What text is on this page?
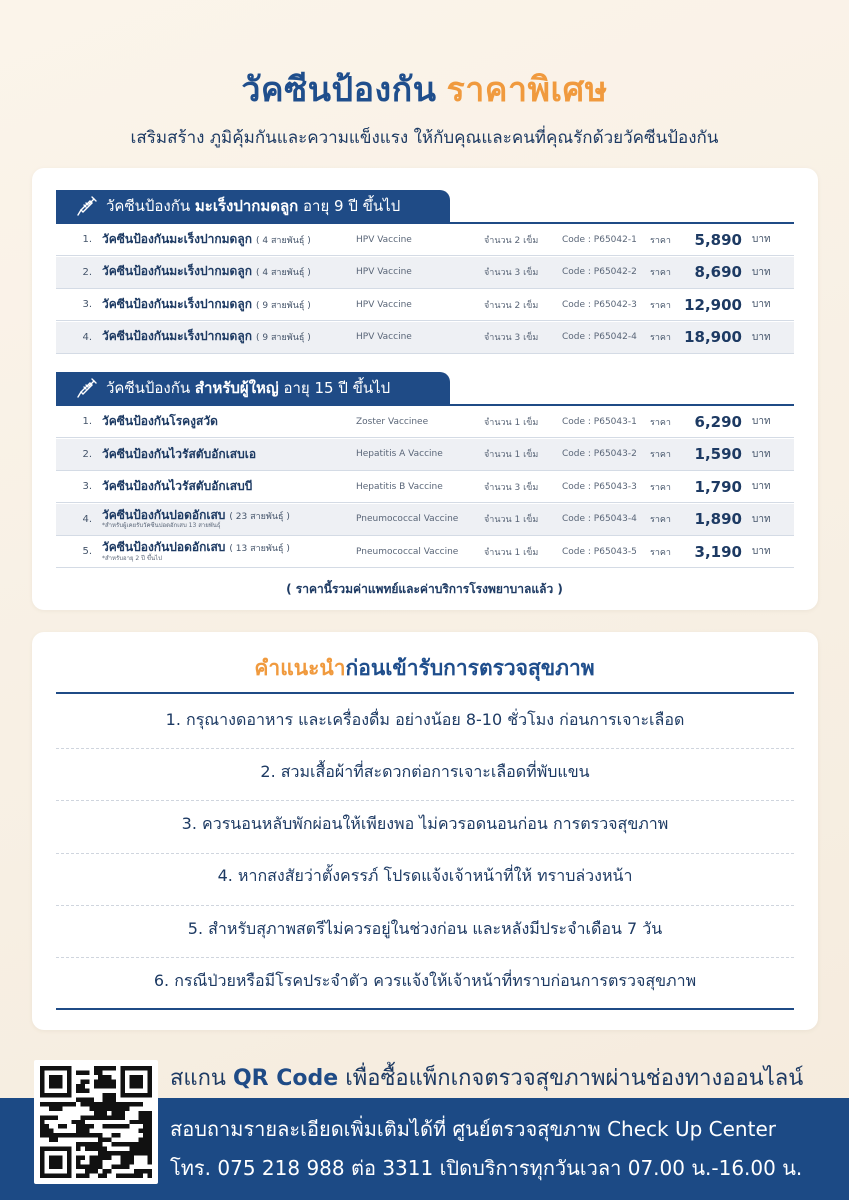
วัคซีนป้องกัน ราคาพิเศษ
เสริมสร้าง ภูมิคุ้มกันและความแข็งแรง ให้กับคุณและคนที่คุณรักด้วยวัคซีนป้องกัน
วัคซีนป้องกัน
มะเร็งปากมดลูก
อายุ 9 ปี ขึ้นไป
1. วัคซีนป้องกันมะเร็งปากมดลูก ( 4 สายพันธุ์ )	HPV Vaccine	จำนวน 2 เข็ม	Code : P65042-1	ราคา	5,890	บาท
2. วัคซีนป้องกันมะเร็งปากมดลูก ( 4 สายพันธุ์ )	HPV Vaccine	จำนวน 3 เข็ม	Code : P65042-2	ราคา	8,690	บาท
3. วัคซีนป้องกันมะเร็งปากมดลูก ( 9 สายพันธุ์ )	HPV Vaccine	จำนวน 2 เข็ม	Code : P65042-3	ราคา 12,900	บาท
4. วัคซีนป้องกันมะเร็งปากมดลูก ( 9 สายพันธุ์ )	HPV Vaccine	จำนวน 3 เข็ม	Code : P65042-4	ราคา 18,900	บาท
วัคซีนป้องกัน
สำหรับผู้ใหญ่
อายุ 15 ปี ขึ้นไป
1. วัคซีนป้องกันโรคงูสวัด	Zoster Vaccinee	จำนวน 1 เข็ม	Code : P65043-1	ราคา	6,290	บาท
2. วัคซีนป้องกันไวรัสตับอักเสบเอ	Hepatitis A Vaccine	จำนวน 1 เข็ม	Code : P65043-2	ราคา	1,590	บาท
3. วัคซีนป้องกันไวรัสตับอักเสบบี	Hepatitis B Vaccine	จำนวน 3 เข็ม	Code : P65043-3	ราคา	1,790	บาท
4. วัคซีนป้องกันปอดอักเสบ ( 23 สายพันธุ์ )
*สำหรับผู้เคยรับวัคซีนปอดอักเสบ 13 สายพันธุ์
Pneumococcal Vaccine	จำนวน 1 เข็ม	Code : P65043-4	ราคา	1,890	บาท
5. วัคซีนป้องกันปอดอักเสบ ( 13 สายพันธุ์ )
*สำหรับอายุ 2 ปี ขึ้นไป
Pneumococcal Vaccine	จำนวน 1 เข็ม	Code : P65043-5	ราคา	3,190	บาท
( ราคานี้รวมค่าแพทย์และค่าบริการโรงพยาบาลแล้ว )
คำแนะนำก่อนเข้ารับการตรวจสุขภาพ
1. กรุณางดอาหาร และเครื่องดื่ม อย่างน้อย 8-10 ชั่วโมง ก่อนการเจาะเลือด
2. สวมเสื้อผ้าที่สะดวกต่อการเจาะเลือดที่พับแขน
3. ควรนอนหลับพักผ่อนให้เพียงพอ ไม่ควรอดนอนก่อน การตรวจสุขภาพ
4. หากสงสัยว่าตั้งครรภ์ โปรดแจ้งเจ้าหน้าที่ให้ ทราบล่วงหน้า
5. สำหรับสุภาพสตรีไม่ควรอยู่ในช่วงก่อน และหลังมีประจำเดือน 7 วัน
6. กรณีป่วยหรือมีโรคประจำตัว ควรแจ้งให้เจ้าหน้าที่ทราบก่อนการตรวจสุขภาพ
สแกน QR Code เพื่อซื้อแพ็กเกจตรวจสุขภาพผ่านช่องทางออนไลน์
สอบถามรายละเอียดเพิ่มเติมได้ที่ ศูนย์ตรวจสุขภาพ Check Up Center
โทร. 075 218 988 ต่อ 3311 เปิดบริการทุกวันเวลา 07.00 น.-16.00 น.
